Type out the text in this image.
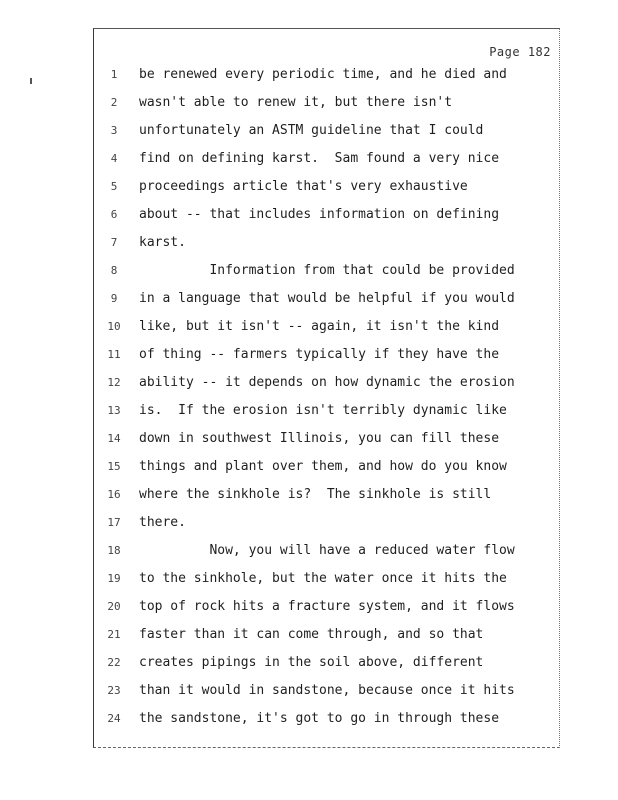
Page 182
1
2
3
4
5
6
7
8
9
10
11
12
13
14
15
16
17
18
19
20
21
22
23
24
be renewed every periodic time, and he died and
wasn't able to renew it, but there isn't
unfortunately an ASTM guideline that I could
find on defining karst.  Sam found a very nice
proceedings article that's very exhaustive
about -- that includes information on defining
karst.
Information from that could be provided
in a language that would be helpful if you would
like, but it isn't -- again, it isn't the kind
of thing -- farmers typically if they have the
ability -- it depends on how dynamic the erosion
is.  If the erosion isn't terribly dynamic like
down in southwest Illinois, you can fill these
things and plant over them, and how do you know
where the sinkhole is?  The sinkhole is still
there.
Now, you will have a reduced water flow
to the sinkhole, but the water once it hits the
top of rock hits a fracture system, and it flows
faster than it can come through, and so that
creates pipings in the soil above, different
than it would in sandstone, because once it hits
the sandstone, it's got to go in through these
